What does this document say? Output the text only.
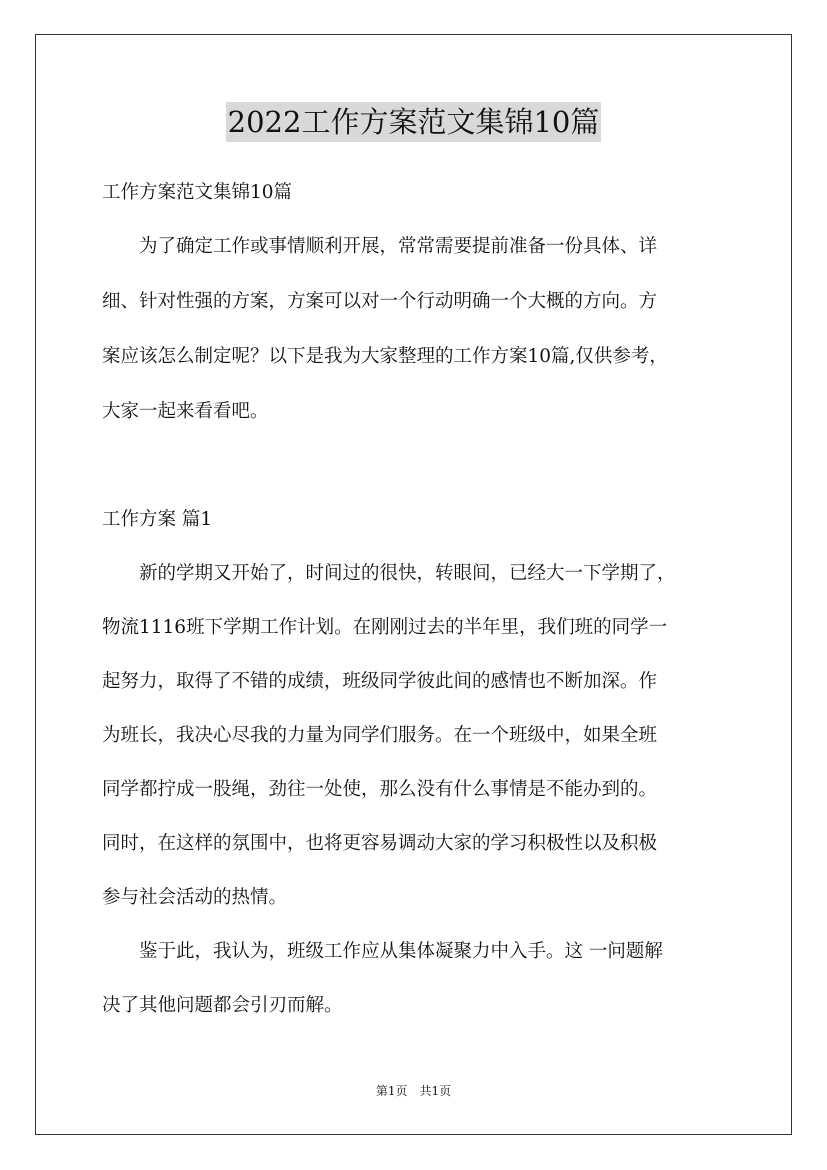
2022工作方案范文集锦10篇
工作方案范文集锦10篇
　　为了确定工作或事情顺利开展，常常需要提前准备一份具体、详
细、针对性强的方案，方案可以对一个行动明确一个大概的方向。方
案应该怎么制定呢？以下是我为大家整理的工作方案10篇,仅供参考，
大家一起来看看吧。
工作方案 篇1
　　新的学期又开始了，时间过的很快，转眼间，已经大一下学期了，
物流1116班下学期工作计划。在刚刚过去的半年里，我们班的同学一
起努力，取得了不错的成绩，班级同学彼此间的感情也不断加深。作
为班长，我决心尽我的力量为同学们服务。在一个班级中，如果全班
同学都拧成一股绳，劲往一处使，那么没有什么事情是不能办到的。
同时，在这样的氛围中，也将更容易调动大家的学习积极性以及积极
参与社会活动的热情。
　　鉴于此，我认为，班级工作应从集体凝聚力中入手。这 一问题解
决了其他问题都会引刃而解。
第1页　共1页
